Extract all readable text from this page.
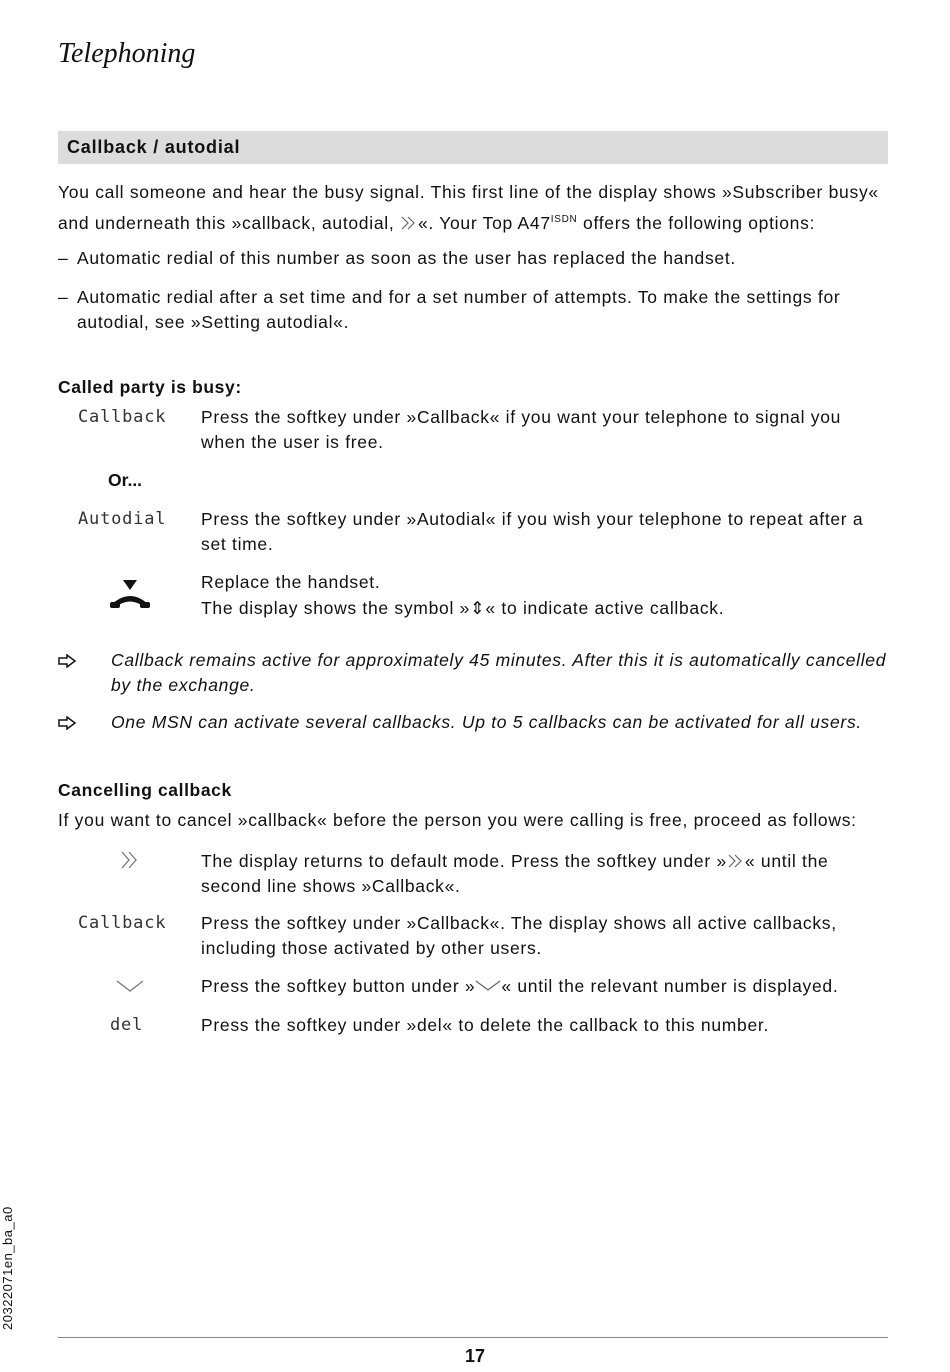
Telephoning
Callback / autodial
You call someone and hear the busy signal. This first line of the display shows »Subscriber busy«
and underneath this »callback, autodial, «. Your Top $A47^{ISDN}$ offers the following options:
– Automatic redial of this number as soon as the user has replaced the handset.
– Automatic redial after a set time and for a set number of attempts. To make the settings for autodial, see »Setting autodial«.
Called party is busy:
Callback Press the softkey under »Callback« if you want your telephone to signal you when the user is free.
Or...
Autodial Press the softkey under »Autodial« if you wish your telephone to repeat after a set time.
Replace the handset.
The display shows the symbol »⇕« to indicate active callback.
Callback remains active for approximately 45 minutes. After this it is automatically cancelled by the exchange.
One MSN can activate several callbacks. Up to 5 callbacks can be activated for all users.
Cancelling callback
If you want to cancel »callback« before the person you were calling is free, proceed as follows:
The display returns to default mode. Press the softkey under » « until the second line shows »Callback«.
Callback Press the softkey under »Callback«. The display shows all active callbacks, including those activated by other users.
Press the softkey button under » « until the relevant number is displayed.
del	Press the softkey under »del« to delete the callback to this number.
20322071en_ba_a0
17
